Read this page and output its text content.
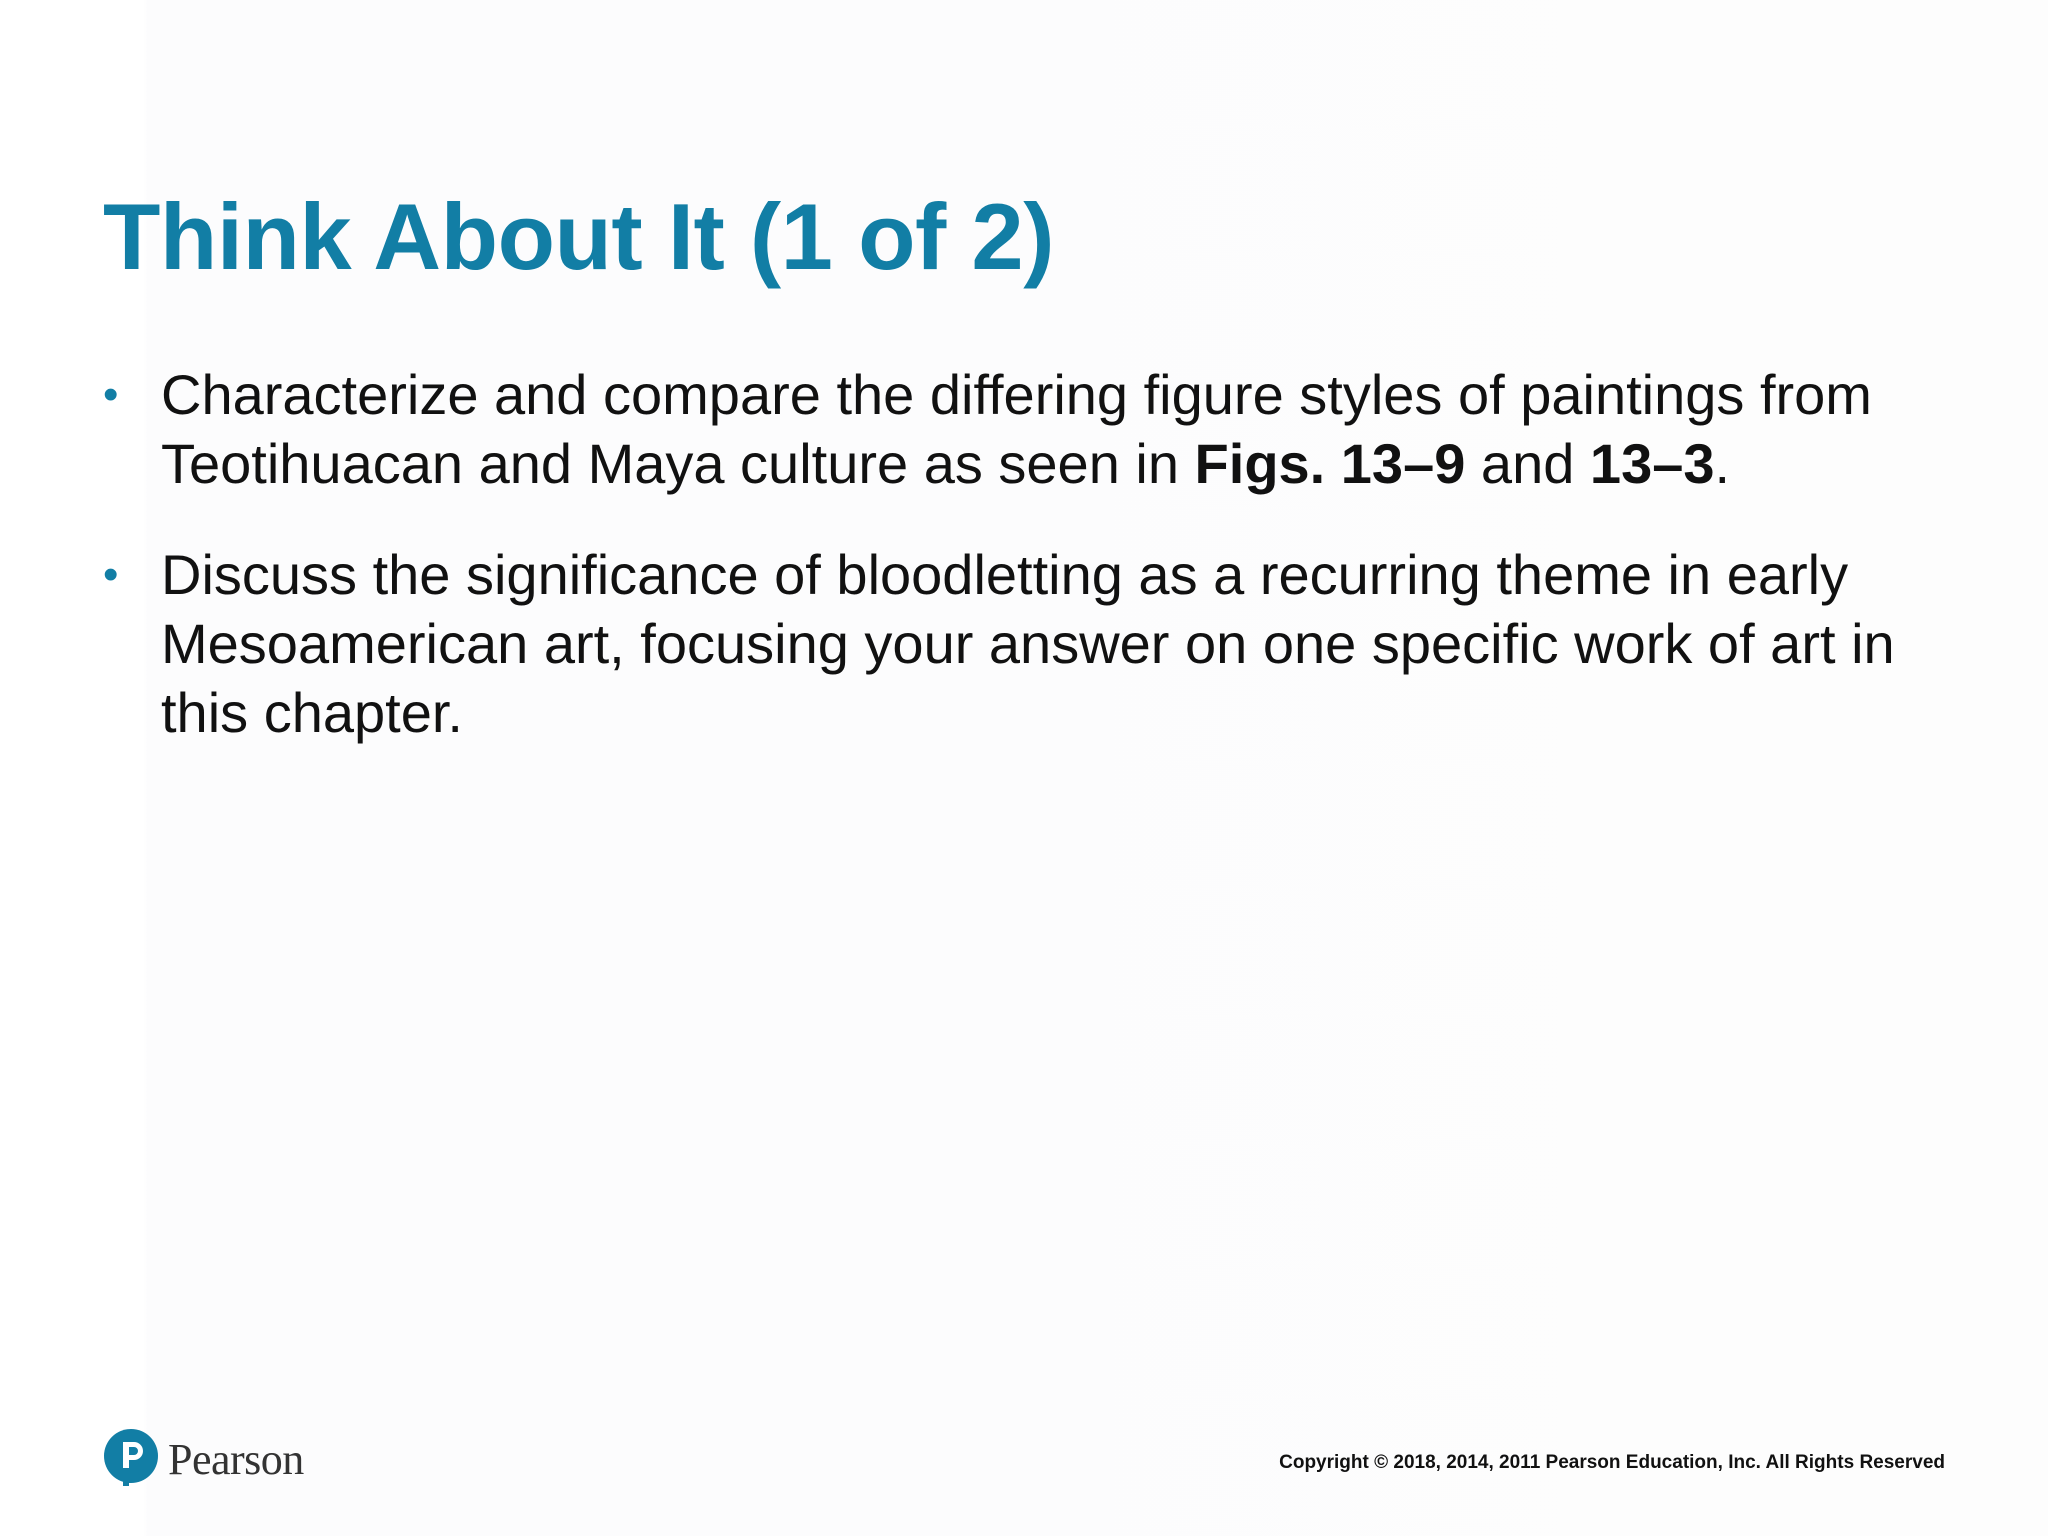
Think About It (1 of 2)
• Characterize and compare the differing figure styles of paintings from Teotihuacan and Maya culture as seen in Figs. 13–9 and 13–3.
• Discuss the significance of bloodletting as a recurring theme in early Mesoamerican art, focusing your answer on one specific work of art in this chapter.
Pearson	Copyright © 2018, 2014, 2011 Pearson Education, Inc. All Rights Reserved
